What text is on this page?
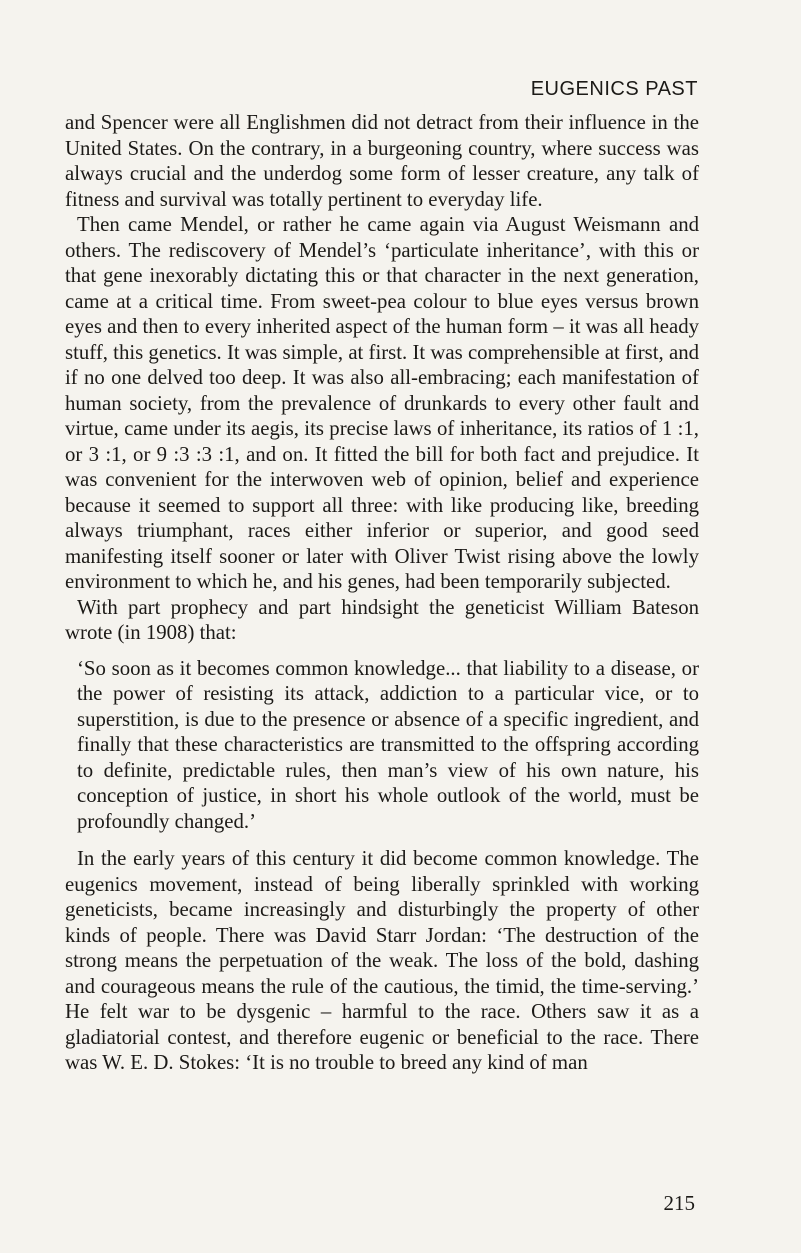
EUGENICS PAST

and Spencer were all Englishmen did not detract from their influence in the United States. On the contrary, in a burgeoning country, where success was always crucial and the underdog some form of lesser creature, any talk of fitness and survival was totally pertinent to everyday life.

Then came Mendel, or rather he came again via August Weismann and others. The rediscovery of Mendel’s ‘particulate inheritance’, with this or that gene inexorably dictating this or that character in the next generation, came at a critical time. From sweet-pea colour to blue eyes versus brown eyes and then to every inherited aspect of the human form – it was all heady stuff, this genetics. It was simple, at first. It was comprehensible at first, and if no one delved too deep. It was also all-embracing; each manifestation of human society, from the prevalence of drunkards to every other fault and virtue, came under its aegis, its precise laws of inheritance, its ratios of 1 :1, or 3 :1, or 9 :3 :3 :1, and on. It fitted the bill for both fact and prejudice. It was convenient for the interwoven web of opinion, belief and experience because it seemed to support all three: with like producing like, breeding always triumphant, races either inferior or superior, and good seed manifesting itself sooner or later with Oliver Twist rising above the lowly environment to which he, and his genes, had been temporarily subjected.

With part prophecy and part hindsight the geneticist William Bateson wrote (in 1908) that:

‘So soon as it becomes common knowledge... that liability to a disease, or the power of resisting its attack, addiction to a particular vice, or to superstition, is due to the presence or absence of a specific ingredient, and finally that these characteristics are transmitted to the offspring according to definite, predictable rules, then man’s view of his own nature, his conception of justice, in short his whole outlook of the world, must be profoundly changed.’

In the early years of this century it did become common knowledge. The eugenics movement, instead of being liberally sprinkled with working geneticists, became increasingly and disturbingly the property of other kinds of people. There was David Starr Jordan: ‘The destruction of the strong means the perpetuation of the weak. The loss of the bold, dashing and courageous means the rule of the cautious, the timid, the time-serving.’ He felt war to be dysgenic – harmful to the race. Others saw it as a gladiatorial contest, and therefore eugenic or beneficial to the race. There was W. E. D. Stokes: ‘It is no trouble to breed any kind of man

215
